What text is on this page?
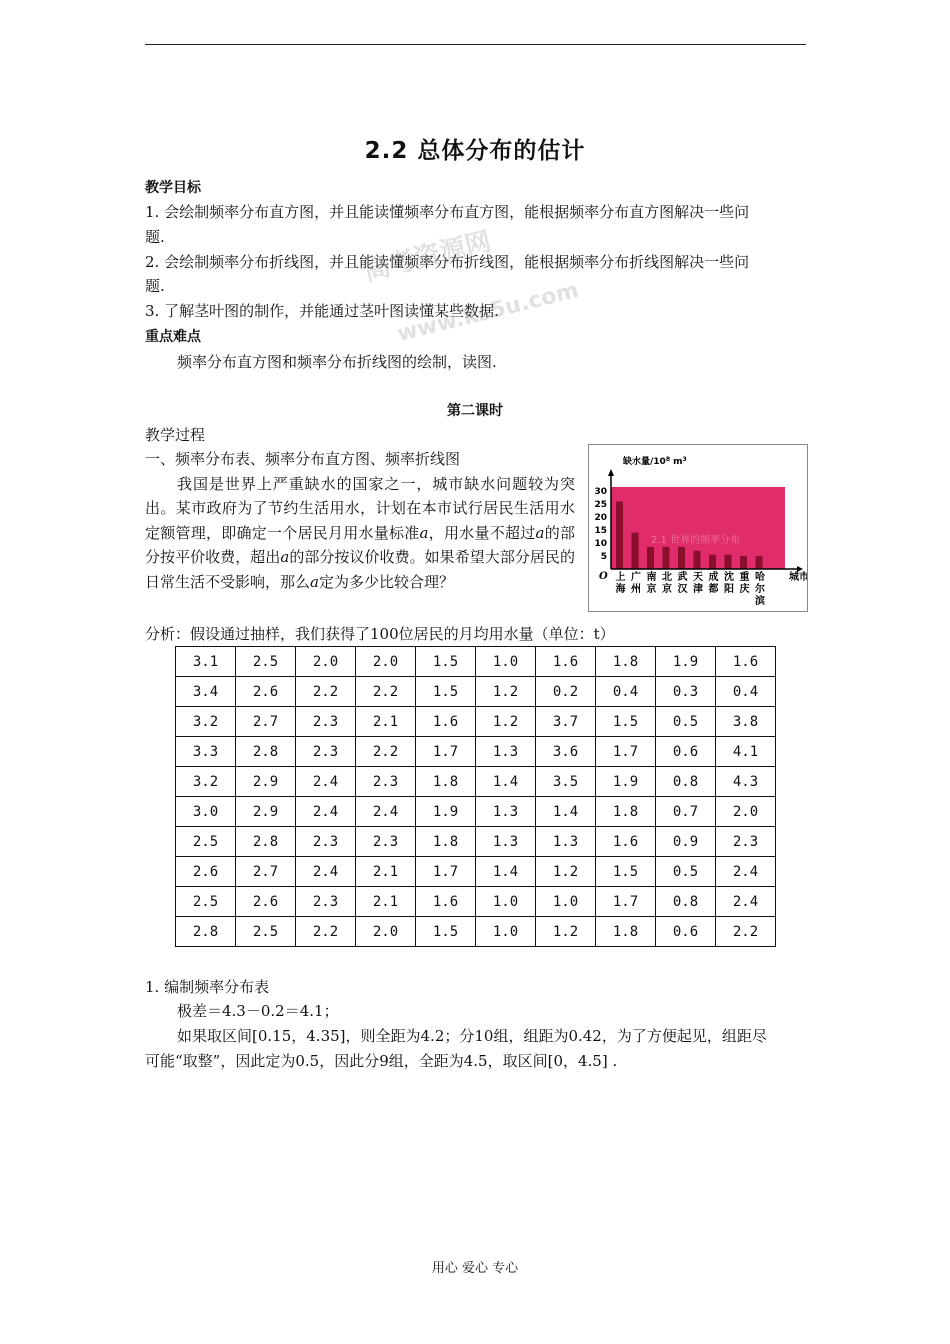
2.2 总体分布的估计
教学目标
1. 会绘制频率分布直方图，并且能读懂频率分布直方图，能根据频率分布直方图解决一些问
题.
2. 会绘制频率分布折线图，并且能读懂频率分布折线图，能根据频率分布折线图解决一些问
题.
3. 了解茎叶图的制作，并能通过茎叶图读懂某些数据.
重点难点
频率分布直方图和频率分布折线图的绘制，读图.
高考资源网
www.ks5u.com
第二课时
教学过程
一、频率分布表、频率分布直方图、频率折线图
我国是世界上严重缺水的国家之一，城市缺水问题较为突出。某市政府为了节约生活用水，计划在本市试行居民生活用水定额管理，即确定一个居民月用水量标准a，用水量不超过a的部分按平价收费，超出a的部分按议价收费。如果希望大部分居民的日常生活不受影响，那么a定为多少比较合理？
2.1 世界的频率分布
缺水量$/10^8$ $m^3$
30
25
20
15
10
5
O 上
海
广
州
南
京
北
京
武
汉
天
津
成
都
沈
阳
重
庆
哈
尔
滨
城市
分析：假设通过抽样，我们获得了100位居民的月均用水量（单位：t）
3.1	2.5	2.0	2.0	1.5	1.0	1.6	1.8	1.9	1.6
3.4	2.6	2.2	2.2	1.5	1.2	0.2	0.4	0.3	0.4
3.2	2.7	2.3	2.1	1.6	1.2	3.7	1.5	0.5	3.8
3.3	2.8	2.3	2.2	1.7	1.3	3.6	1.7	0.6	4.1
3.2	2.9	2.4	2.3	1.8	1.4	3.5	1.9	0.8	4.3
3.0	2.9	2.4	2.4	1.9	1.3	1.4	1.8	0.7	2.0
2.5	2.8	2.3	2.3	1.8	1.3	1.3	1.6	0.9	2.3
2.6	2.7	2.4	2.1	1.7	1.4	1.2	1.5	0.5	2.4
2.5	2.6	2.3	2.1	1.6	1.0	1.0	1.7	0.8	2.4
2.8	2.5	2.2	2.0	1.5	1.0	1.2	1.8	0.6	2.2
1. 编制频率分布表
极差＝4.3－0.2＝4.1；
如果取区间[0.15，4.35]，则全距为4.2；分10组，组距为0.42，为了方便起见，组距尽
可能“取整”，因此定为0.5，因此分9组，全距为4.5，取区间[0，4.5] .
用心 爱心 专心
